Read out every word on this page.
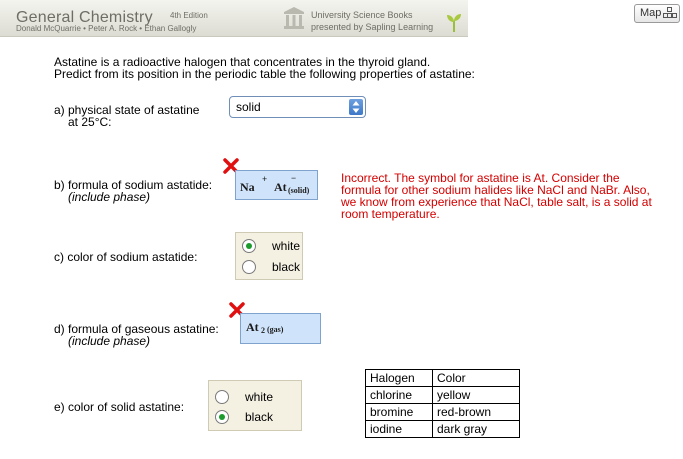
General Chemistry 4th Edition
Donald McQuarrie • Peter A. Rock • Ethan Gallogly
University Science Books
presented by Sapling Learning
Map
Astatine is a radioactive halogen that concentrates in the thyroid gland.
Predict from its position in the periodic table the following properties of astatine:
a) physical state of astatine
at 25°C:
solid
b) formula of sodium astatide:
(include phase)
Na
+
At
−
(solid)
Incorrect. The symbol for astatine is At. Consider the formula for other sodium halides like NaCl and NaBr. Also, we know from experience that NaCl, table salt, is a solid at room temperature.
c) color of sodium astatide:
white
black
d) formula of gaseous astatine:
(include phase)
At 2 (gas)
e) color of solid astatine:
white
black
Halogen	Color
chlorine	yellow
bromine	red-brown
iodine	dark gray
